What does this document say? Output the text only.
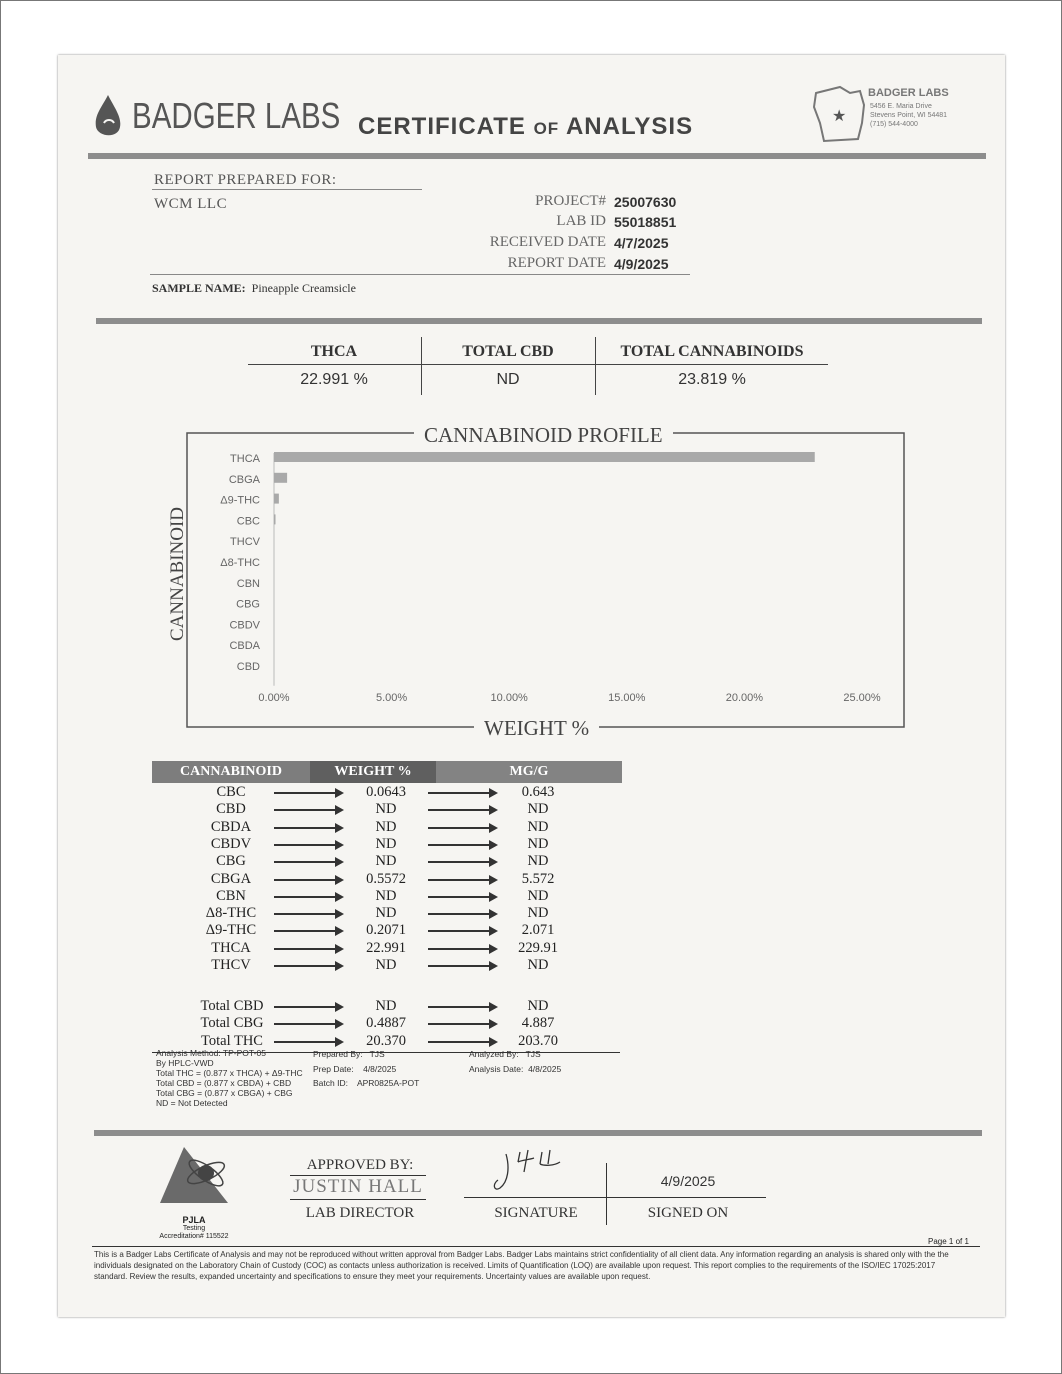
BADGER LABS CERTIFICATE OF ANALYSIS	★
BADGER LABS
5456 E. Maria Drive
Stevens Point, WI 54481
(715) 544-4000
REPORT PREPARED FOR:
WCM LLC	PROJECT# 25007630
LAB ID 55018851
RECEIVED DATE 4/7/2025
REPORT DATE 4/9/2025
SAMPLE NAME: Pineapple Creamsicle
THCA	TOTAL CBD	TOTAL CANNABINOIDS
22.991 %	ND	23.819 %
THCA
CBGA
Δ9-THC
CBC
THCV
Δ8-THC
CBN
CBG
CBDV
CBDA
CBD
0.00%	5.00%	10.00%	15.00%	20.00%	25.00%
CANNABINOID PROFILE
WEIGHT %
CANNABINOID
CANNABINOID	WEIGHT %	MG/G
CBC	0.0643	0.643
CBD	ND	ND
CBDA	ND	ND
CBDV	ND	ND
CBG	ND	ND
CBGA	0.5572	5.572
CBN	ND	ND
Δ8-THC	ND	ND
Δ9-THC	0.2071	2.071
THCA	22.991	229.91
THCV	ND	ND
Total CBD	ND	ND
Total CBG	0.4887	4.887
Total THC	20.370	203.70
Analysis Method: TP-POT-05
By HPLC-VWD
Total THC = (0.877 x THCA) + Δ9-THC
Total CBD = (0.877 x CBDA) + CBD
Total CBG = (0.877 x CBGA) + CBG
ND = Not Detected
Prepared By: TJS
Prep Date: 4/8/2025
Batch ID: APR0825A-POT
Analyzed By: TJS
Analysis Date: 4/8/2025
PJLA
Testing
Accreditation# 115522
APPROVED BY:
JUSTIN HALL
LAB DIRECTOR	SIGNATURE
4/9/2025
SIGNED ON
Page 1 of 1
This is a Badger Labs Certificate of Analysis and may not be reproduced without written approval from Badger Labs. Badger Labs maintains strict confidentiality of all client data. Any information regarding an analysis is shared only with the the individuals designated on the Laboratory Chain of Custody (COC) as contacts unless authorization is received. Limits of Quantification (LOQ) are available upon request. This report complies to the requirements of the ISO/IEC 17025:2017 standard. Review the results, expanded uncertainty and specifications to ensure they meet your requirements. Uncertainty values are available upon request.
